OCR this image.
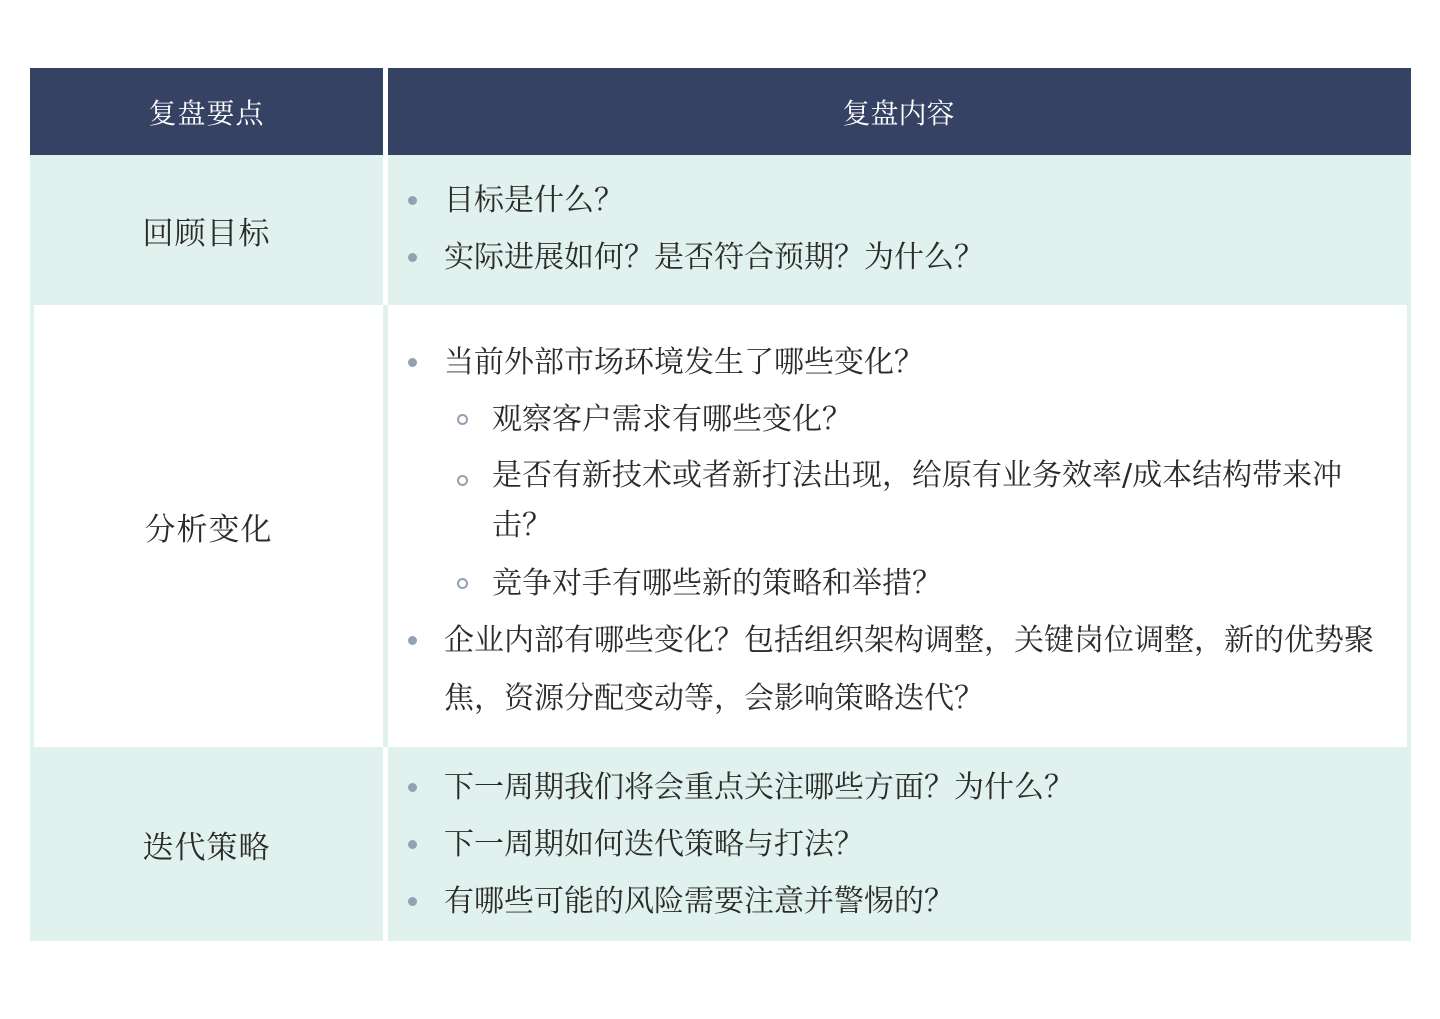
复盘要点	复盘内容
回顾目标
目标是什么？
实际进展如何？是否符合预期？为什么？
分析变化
当前外部市场环境发生了哪些变化？
观察客户需求有哪些变化？
是否有新技术或者新打法出现，给原有业务效率/成本结构带来冲击？
竞争对手有哪些新的策略和举措？
企业内部有哪些变化？包括组织架构调整，关键岗位调整，新的优势聚焦，资源分配变动等，会影响策略迭代？
迭代策略
下一周期我们将会重点关注哪些方面？为什么？
下一周期如何迭代策略与打法？
有哪些可能的风险需要注意并警惕的？
